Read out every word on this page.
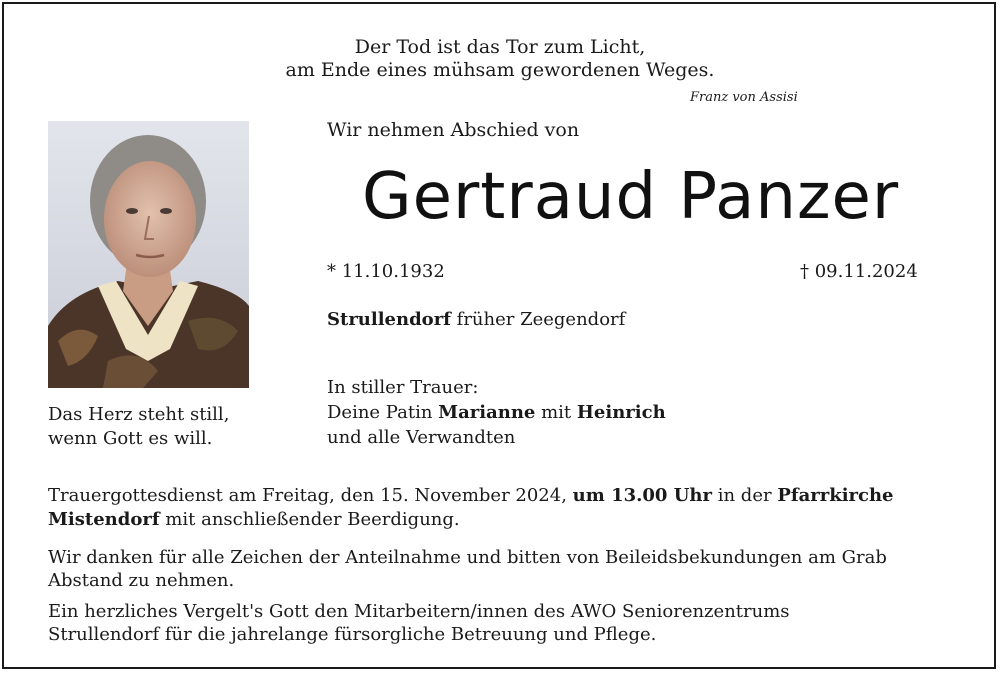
Der Tod ist das Tor zum Licht,
am Ende eines mühsam gewordenen Weges.
Franz von Assisi
Wir nehmen Abschied von
Gertraud Panzer
* 11.10.1932	† 09.11.2024
Strullendorf früher Zeegendorf
In stiller Trauer:
Deine Patin Marianne mit Heinrich
und alle Verwandten
Das Herz steht still,
wenn Gott es will.
Trauergottesdienst am Freitag, den 15. November 2024, um 13.00 Uhr in der Pfarrkirche
Mistendorf mit anschließender Beerdigung.
Wir danken für alle Zeichen der Anteilnahme und bitten von Beileidsbekundungen am Grab
Abstand zu nehmen.
Ein herzliches Vergelt's Gott den Mitarbeitern/innen des AWO Seniorenzentrums
Strullendorf für die jahrelange fürsorgliche Betreuung und Pflege.
